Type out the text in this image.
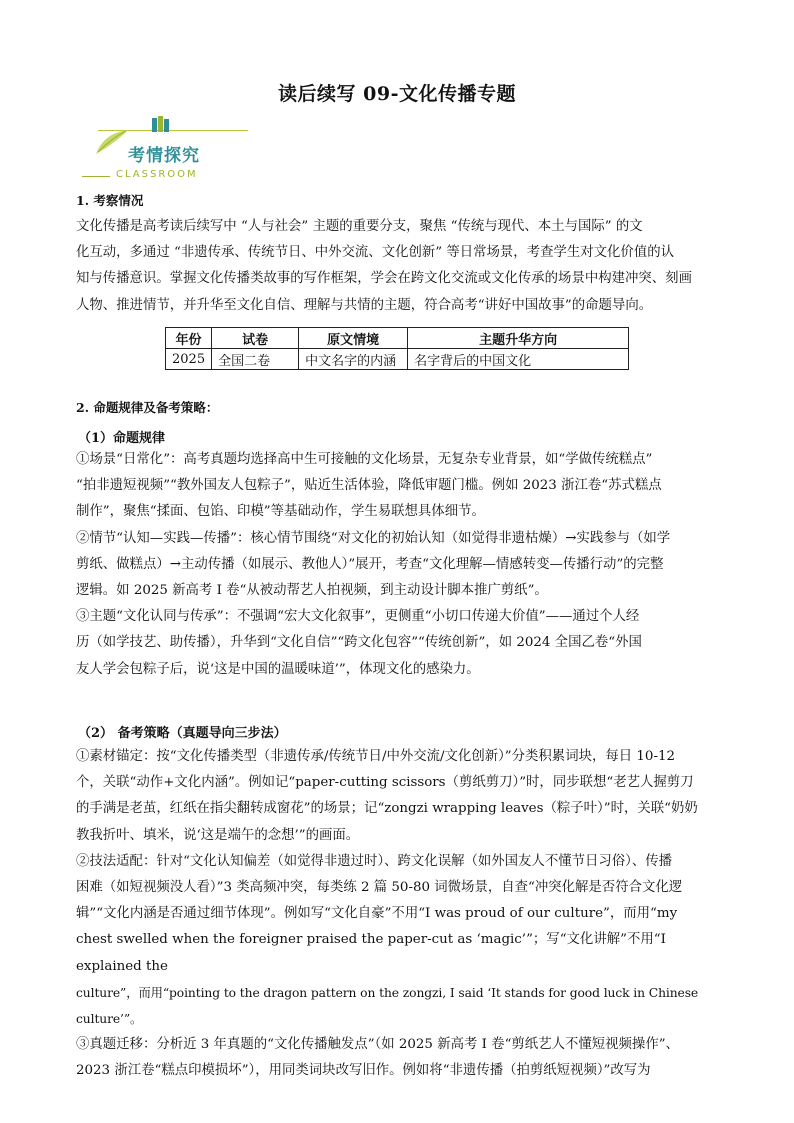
读后续写 09-文化传播专题
考情探究
CLASSROOM
1. 考察情况

文化传播是高考读后续写中 “人与社会” 主题的重要分支，聚焦 “传统与现代、本土与国际” 的文

化互动，多通过 “非遗传承、传统节日、中外交流、文化创新” 等日常场景，考查学生对文化价值的认

知与传播意识。掌握文化传播类故事的写作框架，学会在跨文化交流或文化传承的场景中构建冲突、刻画

人物、推进情节，并升华至文化自信、理解与共情的主题，符合高考“讲好中国故事”的命题导向。

年份	试卷	原文情境	主题升华方向
2025	全国二卷	中文名字的内涵	名字背后的中国文化
2. 命题规律及备考策略：
（1）命题规律

①场景“日常化”：高考真题均选择高中生可接触的文化场景，无复杂专业背景，如“学做传统糕点”

“拍非遗短视频”“教外国友人包粽子”，贴近生活体验，降低审题门槛。例如 2023 浙江卷“苏式糕点

制作”，聚焦“揉面、包馅、印模”等基础动作，学生易联想具体细节。

②情节“认知—实践—传播”：核心情节围绕“对文化的初始认知（如觉得非遗枯燥）→实践参与（如学

剪纸、做糕点）→主动传播（如展示、教他人）”展开，考查“文化理解—情感转变—传播行动”的完整

逻辑。如 2025 新高考 I 卷“从被动帮艺人拍视频，到主动设计脚本推广剪纸”。

③主题“文化认同与传承”：不强调“宏大文化叙事”，更侧重“小切口传递大价值”——通过个人经

历（如学技艺、助传播），升华到“文化自信”“跨文化包容”“传统创新”，如 2024 全国乙卷“外国

友人学会包粽子后，说‘这是中国的温暖味道’”，体现文化的感染力。

（2） 备考策略（真题导向三步法）

①素材锚定：按“文化传播类型（非遗传承/传统节日/中外交流/文化创新）”分类积累词块，每日 10-12

个，关联“动作+文化内涵”。例如记“paper-cutting scissors（剪纸剪刀）”时，同步联想“老艺人握剪刀

的手满是老茧，红纸在指尖翻转成窗花”的场景；记“zongzi wrapping leaves（粽子叶）”时，关联“奶奶

教我折叶、填米，说‘这是端午的念想’”的画面。

②技法适配：针对“文化认知偏差（如觉得非遗过时）、跨文化误解（如外国友人不懂节日习俗）、传播

困难（如短视频没人看）”3 类高频冲突，每类练 2 篇 50-80 词微场景，自查“冲突化解是否符合文化逻

辑”“文化内涵是否通过细节体现”。例如写“文化自豪”不用“I was proud of our culture”，而用“my

chest swelled when the foreigner praised the paper-cut as ‘magic’”；写“文化讲解”不用“I explained the

culture”，而用“pointing to the dragon pattern on the zongzi, I said ‘It stands for good luck in Chinese culture’”。

③真题迁移：分析近 3 年真题的“文化传播触发点”（如 2025 新高考 I 卷“剪纸艺人不懂短视频操作”、

2023 浙江卷“糕点印模损坏”），用同类词块改写旧作。例如将“非遗传播（拍剪纸短视频）”改写为
